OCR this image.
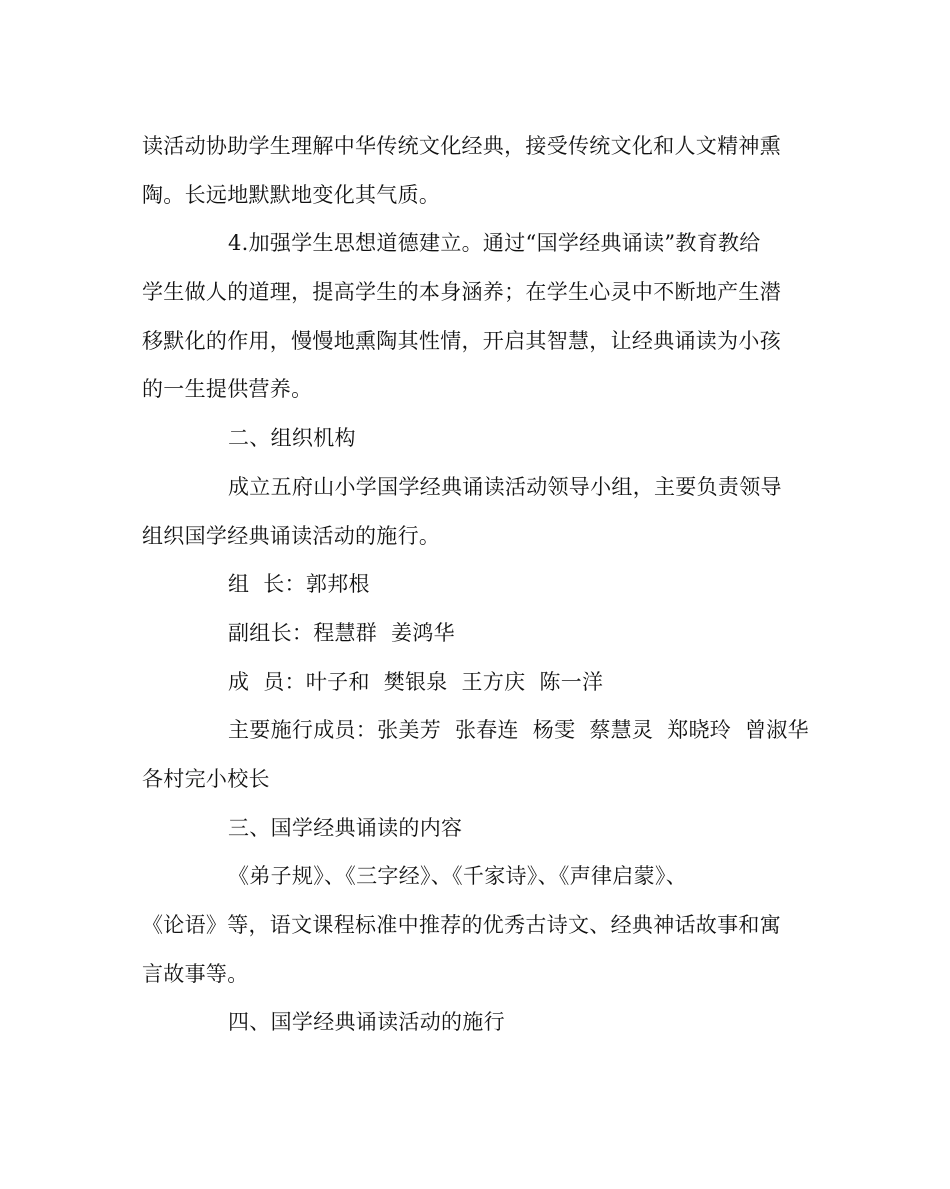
读活动协助学生理解中华传统文化经典，接受传统文化和人文精神熏
陶。长远地默默地变化其气质。
4.加强学生思想道德建立。通过“国学经典诵读”教育教给
学生做人的道理，提高学生的本身涵养；在学生心灵中不断地产生潜
移默化的作用，慢慢地熏陶其性情，开启其智慧，让经典诵读为小孩
的一生提供营养。
二、组织机构
成立五府山小学国学经典诵读活动领导小组，主要负责领导
组织国学经典诵读活动的施行。
组  长：郭邦根
副组长：程慧群  姜鸿华
成  员：叶子和  樊银泉  王方庆  陈一洋
主要施行成员：张美芳  张春连  杨雯  蔡慧灵  郑晓玲  曾淑华
各村完小校长
三、国学经典诵读的内容
《弟子规》、《三字经》、《千家诗》、《声律启蒙》、
《论语》等，语文课程标准中推荐的优秀古诗文、经典神话故事和寓
言故事等。
四、国学经典诵读活动的施行
